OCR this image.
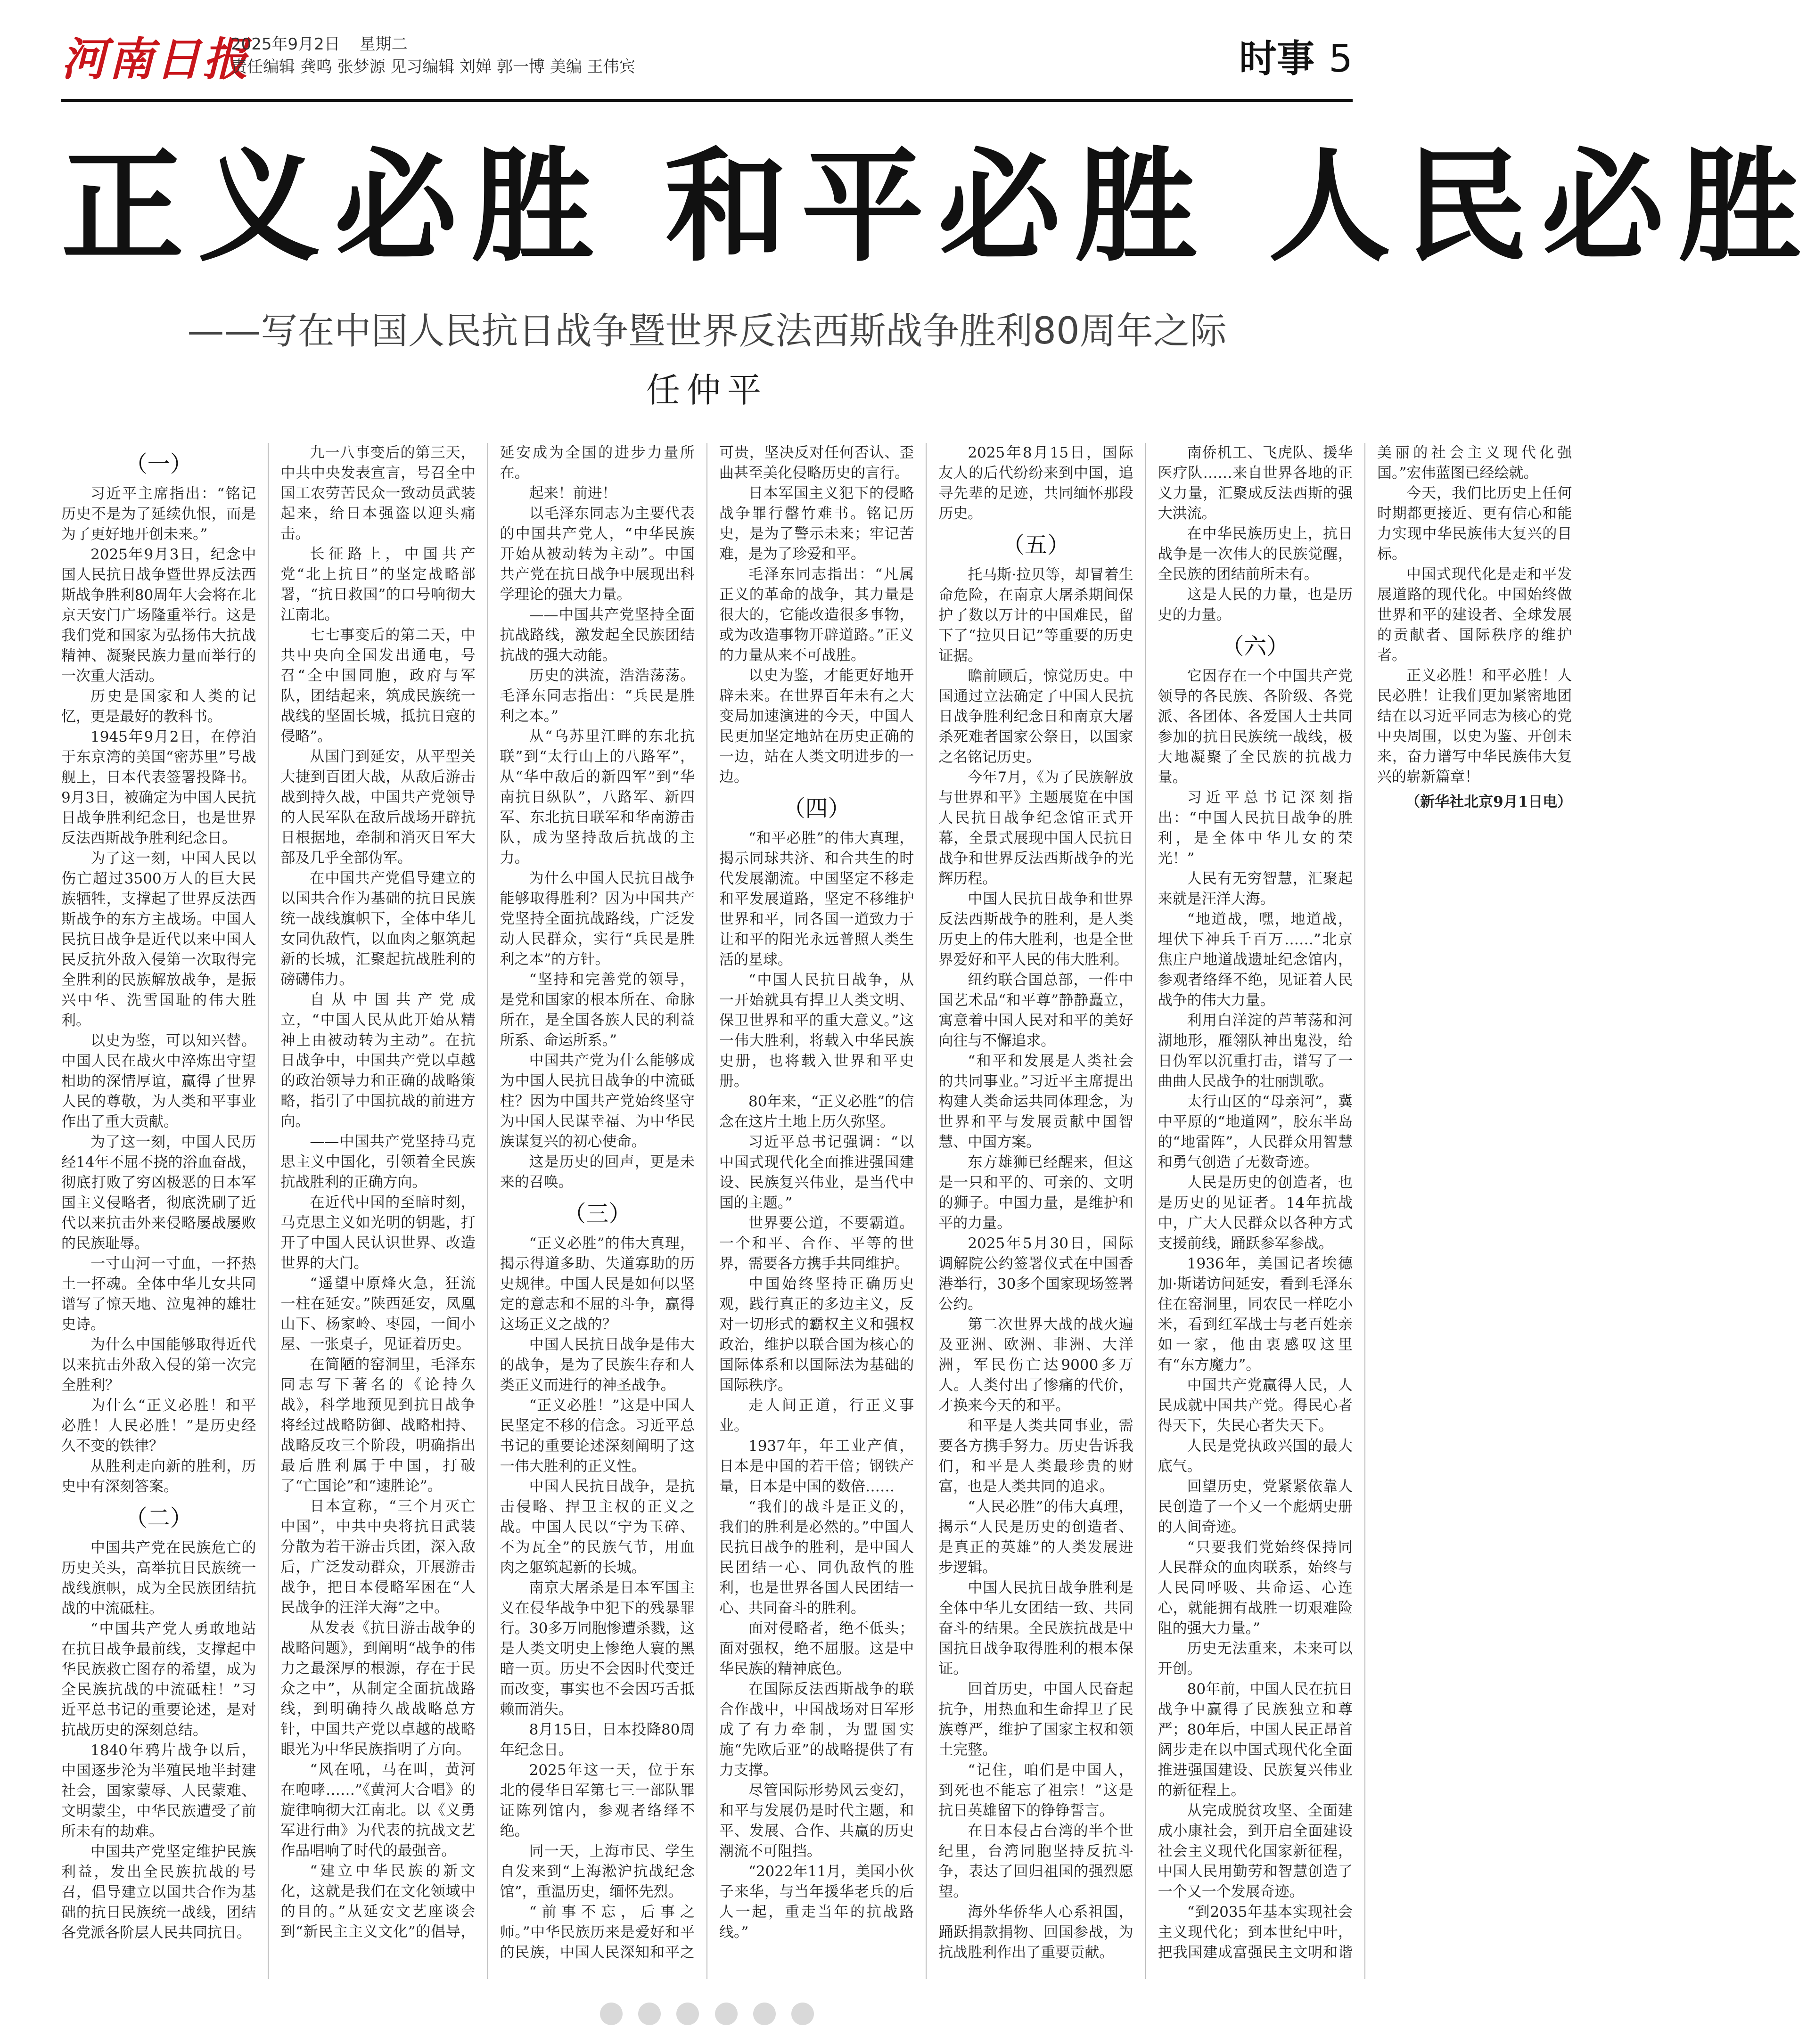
河南日报
2025年9月2日 星期二
责任编辑 龚鸣 张梦源 见习编辑 刘婵 郭一博 美编 王伟宾	时事 5
正义必胜 和平必胜 人民必胜
——写在中国人民抗日战争暨世界反法西斯战争胜利80周年之际
任仲平
（一）

习近平主席指出：“铭记历史不是为了延续仇恨，而是为了更好地开创未来。”

2025年9月3日，纪念中国人民抗日战争暨世界反法西斯战争胜利80周年大会将在北京天安门广场隆重举行。这是我们党和国家为弘扬伟大抗战精神、凝聚民族力量而举行的一次重大活动。

历史是国家和人类的记忆，更是最好的教科书。

1945年9月2日，在停泊于东京湾的美国“密苏里”号战舰上，日本代表签署投降书。9月3日，被确定为中国人民抗日战争胜利纪念日，也是世界反法西斯战争胜利纪念日。

为了这一刻，中国人民以伤亡超过3500万人的巨大民族牺牲，支撑起了世界反法西斯战争的东方主战场。中国人民抗日战争是近代以来中国人民反抗外敌入侵第一次取得完全胜利的民族解放战争，是振兴中华、洗雪国耻的伟大胜利。

以史为鉴，可以知兴替。中国人民在战火中淬炼出守望相助的深情厚谊，赢得了世界人民的尊敬，为人类和平事业作出了重大贡献。

为了这一刻，中国人民历经14年不屈不挠的浴血奋战，彻底打败了穷凶极恶的日本军国主义侵略者，彻底洗刷了近代以来抗击外来侵略屡战屡败的民族耻辱。

一寸山河一寸血，一抔热土一抔魂。全体中华儿女共同谱写了惊天地、泣鬼神的雄壮史诗。

为什么中国能够取得近代以来抗击外敌入侵的第一次完全胜利？

为什么“正义必胜！和平必胜！人民必胜！”是历史经久不变的铁律？

从胜利走向新的胜利，历史中有深刻答案。

（二）

中国共产党在民族危亡的历史关头，高举抗日民族统一战线旗帜，成为全民族团结抗战的中流砥柱。

“中国共产党人勇敢地站在抗日战争最前线，支撑起中华民族救亡图存的希望，成为全民族抗战的中流砥柱！”习近平总书记的重要论述，是对抗战历史的深刻总结。

1840年鸦片战争以后，中国逐步沦为半殖民地半封建社会，国家蒙辱、人民蒙难、文明蒙尘，中华民族遭受了前所未有的劫难。

中国共产党坚定维护民族利益，发出全民族抗战的号召，倡导建立以国共合作为基础的抗日民族统一战线，团结各党派各阶层人民共同抗日。

九一八事变后的第三天，中共中央发表宣言，号召全中国工农劳苦民众一致动员武装起来，给日本强盗以迎头痛击。

长征路上，中国共产党“北上抗日”的坚定战略部署，“抗日救国”的口号响彻大江南北。

七七事变后的第二天，中共中央向全国发出通电，号召“全中国同胞，政府与军队，团结起来，筑成民族统一战线的坚固长城，抵抗日寇的侵略”。

从国门到延安，从平型关大捷到百团大战，从敌后游击战到持久战，中国共产党领导的人民军队在敌后战场开辟抗日根据地，牵制和消灭日军大部及几乎全部伪军。

在中国共产党倡导建立的以国共合作为基础的抗日民族统一战线旗帜下，全体中华儿女同仇敌忾，以血肉之躯筑起新的长城，汇聚起抗战胜利的磅礴伟力。

自从中国共产党成立，“中国人民从此开始从精神上由被动转为主动”。在抗日战争中，中国共产党以卓越的政治领导力和正确的战略策略，指引了中国抗战的前进方向。

——中国共产党坚持马克思主义中国化，引领着全民族抗战胜利的正确方向。

在近代中国的至暗时刻，马克思主义如光明的钥匙，打开了中国人民认识世界、改造世界的大门。

“遥望中原烽火急，狂流一柱在延安。”陕西延安，凤凰山下、杨家岭、枣园，一间小屋、一张桌子，见证着历史。

在简陋的窑洞里，毛泽东同志写下著名的《论持久战》，科学地预见到抗日战争将经过战略防御、战略相持、战略反攻三个阶段，明确指出最后胜利属于中国，打破了“亡国论”和“速胜论”。

日本宣称，“三个月灭亡中国”，中共中央将抗日武装分散为若干游击兵团，深入敌后，广泛发动群众，开展游击战争，把日本侵略军困在“人民战争的汪洋大海”之中。

从发表《抗日游击战争的战略问题》，到阐明“战争的伟力之最深厚的根源，存在于民众之中”，从制定全面抗战路线，到明确持久战战略总方针，中国共产党以卓越的战略眼光为中华民族指明了方向。

“风在吼，马在叫，黄河在咆哮……”《黄河大合唱》的旋律响彻大江南北。以《义勇军进行曲》为代表的抗战文艺作品唱响了时代的最强音。

“建立中华民族的新文化，这就是我们在文化领域中的目的。”从延安文艺座谈会到“新民主主义文化”的倡导，延安成为全国的进步力量所在。

起来！前进！

以毛泽东同志为主要代表的中国共产党人，“中华民族开始从被动转为主动”。中国共产党在抗日战争中展现出科学理论的强大力量。

——中国共产党坚持全面抗战路线，激发起全民族团结抗战的强大动能。

历史的洪流，浩浩荡荡。毛泽东同志指出：“兵民是胜利之本。”

从“乌苏里江畔的东北抗联”到“太行山上的八路军”，从“华中敌后的新四军”到“华南抗日纵队”，八路军、新四军、东北抗日联军和华南游击队，成为坚持敌后抗战的主力。

为什么中国人民抗日战争能够取得胜利？因为中国共产党坚持全面抗战路线，广泛发动人民群众，实行“兵民是胜利之本”的方针。

“坚持和完善党的领导，是党和国家的根本所在、命脉所在，是全国各族人民的利益所系、命运所系。”

中国共产党为什么能够成为中国人民抗日战争的中流砥柱？因为中国共产党始终坚守为中国人民谋幸福、为中华民族谋复兴的初心使命。

这是历史的回声，更是未来的召唤。

（三）

“正义必胜”的伟大真理，揭示得道多助、失道寡助的历史规律。中国人民是如何以坚定的意志和不屈的斗争，赢得这场正义之战的？

中国人民抗日战争是伟大的战争，是为了民族生存和人类正义而进行的神圣战争。

“正义必胜！”这是中国人民坚定不移的信念。习近平总书记的重要论述深刻阐明了这一伟大胜利的正义性。

中国人民抗日战争，是抗击侵略、捍卫主权的正义之战。中国人民以“宁为玉碎、不为瓦全”的民族气节，用血肉之躯筑起新的长城。

南京大屠杀是日本军国主义在侵华战争中犯下的残暴罪行。30多万同胞惨遭杀戮，这是人类文明史上惨绝人寰的黑暗一页。历史不会因时代变迁而改变，事实也不会因巧舌抵赖而消失。

8月15日，日本投降80周年纪念日。

2025年这一天，位于东北的侵华日军第七三一部队罪证陈列馆内，参观者络绎不绝。

同一天，上海市民、学生自发来到“上海淞沪抗战纪念馆”，重温历史，缅怀先烈。

“前事不忘，后事之师。”中华民族历来是爱好和平的民族，中国人民深知和平之可贵，坚决反对任何否认、歪曲甚至美化侵略历史的言行。

日本军国主义犯下的侵略战争罪行罄竹难书。铭记历史，是为了警示未来；牢记苦难，是为了珍爱和平。

毛泽东同志指出：“凡属正义的革命的战争，其力量是很大的，它能改造很多事物，或为改造事物开辟道路。”正义的力量从来不可战胜。

以史为鉴，才能更好地开辟未来。在世界百年未有之大变局加速演进的今天，中国人民更加坚定地站在历史正确的一边，站在人类文明进步的一边。

（四）

“和平必胜”的伟大真理，揭示同球共济、和合共生的时代发展潮流。中国坚定不移走和平发展道路，坚定不移维护世界和平，同各国一道致力于让和平的阳光永远普照人类生活的星球。

“中国人民抗日战争，从一开始就具有捍卫人类文明、保卫世界和平的重大意义。”这一伟大胜利，将载入中华民族史册，也将载入世界和平史册。

80年来，“正义必胜”的信念在这片土地上历久弥坚。

习近平总书记强调：“以中国式现代化全面推进强国建设、民族复兴伟业，是当代中国的主题。”

世界要公道，不要霸道。一个和平、合作、平等的世界，需要各方携手共同维护。

中国始终坚持正确历史观，践行真正的多边主义，反对一切形式的霸权主义和强权政治，维护以联合国为核心的国际体系和以国际法为基础的国际秩序。

走人间正道，行正义事业。

1937年，年工业产值，日本是中国的若干倍；钢铁产量，日本是中国的数倍……

“我们的战斗是正义的，我们的胜利是必然的。”中国人民抗日战争的胜利，是中国人民团结一心、同仇敌忾的胜利，也是世界各国人民团结一心、共同奋斗的胜利。

面对侵略者，绝不低头；面对强权，绝不屈服。这是中华民族的精神底色。

在国际反法西斯战争的联合作战中，中国战场对日军形成了有力牵制，为盟国实施“先欧后亚”的战略提供了有力支撑。

尽管国际形势风云变幻，和平与发展仍是时代主题，和平、发展、合作、共赢的历史潮流不可阻挡。

“2022年11月，美国小伙子来华，与当年援华老兵的后人一起，重走当年的抗战路线。”

2025年8月15日，国际友人的后代纷纷来到中国，追寻先辈的足迹，共同缅怀那段历史。

（五）

托马斯·拉贝等，却冒着生命危险，在南京大屠杀期间保护了数以万计的中国难民，留下了“拉贝日记”等重要的历史证据。

瞻前顾后，惊觉历史。中国通过立法确定了中国人民抗日战争胜利纪念日和南京大屠杀死难者国家公祭日，以国家之名铭记历史。

今年7月，《为了民族解放与世界和平》主题展览在中国人民抗日战争纪念馆正式开幕，全景式展现中国人民抗日战争和世界反法西斯战争的光辉历程。

中国人民抗日战争和世界反法西斯战争的胜利，是人类历史上的伟大胜利，也是全世界爱好和平人民的伟大胜利。

纽约联合国总部，一件中国艺术品“和平尊”静静矗立，寓意着中国人民对和平的美好向往与不懈追求。

“和平和发展是人类社会的共同事业。”习近平主席提出构建人类命运共同体理念，为世界和平与发展贡献中国智慧、中国方案。

东方雄狮已经醒来，但这是一只和平的、可亲的、文明的狮子。中国力量，是维护和平的力量。

2025年5月30日，国际调解院公约签署仪式在中国香港举行，30多个国家现场签署公约。

第二次世界大战的战火遍及亚洲、欧洲、非洲、大洋洲，军民伤亡达9000多万人。人类付出了惨痛的代价，才换来今天的和平。

和平是人类共同事业，需要各方携手努力。历史告诉我们，和平是人类最珍贵的财富，也是人类共同的追求。

“人民必胜”的伟大真理，揭示“人民是历史的创造者、是真正的英雄”的人类发展进步逻辑。

中国人民抗日战争胜利是全体中华儿女团结一致、共同奋斗的结果。全民族抗战是中国抗日战争取得胜利的根本保证。

回首历史，中国人民奋起抗争，用热血和生命捍卫了民族尊严，维护了国家主权和领土完整。

“记住，咱们是中国人，到死也不能忘了祖宗！”这是抗日英雄留下的铮铮誓言。

在日本侵占台湾的半个世纪里，台湾同胞坚持反抗斗争，表达了回归祖国的强烈愿望。

海外华侨华人心系祖国，踊跃捐款捐物、回国参战，为抗战胜利作出了重要贡献。

南侨机工、飞虎队、援华医疗队……来自世界各地的正义力量，汇聚成反法西斯的强大洪流。

在中华民族历史上，抗日战争是一次伟大的民族觉醒，全民族的团结前所未有。

这是人民的力量，也是历史的力量。

（六）

它因存在一个中国共产党领导的各民族、各阶级、各党派、各团体、各爱国人士共同参加的抗日民族统一战线，极大地凝聚了全民族的抗战力量。

习近平总书记深刻指出：“中国人民抗日战争的胜利，是全体中华儿女的荣光！”

人民有无穷智慧，汇聚起来就是汪洋大海。

“地道战，嘿，地道战，埋伏下神兵千百万……”北京焦庄户地道战遗址纪念馆内，参观者络绎不绝，见证着人民战争的伟大力量。

利用白洋淀的芦苇荡和河湖地形，雁翎队神出鬼没，给日伪军以沉重打击，谱写了一曲曲人民战争的壮丽凯歌。

太行山区的“母亲河”，冀中平原的“地道网”，胶东半岛的“地雷阵”，人民群众用智慧和勇气创造了无数奇迹。

人民是历史的创造者，也是历史的见证者。14年抗战中，广大人民群众以各种方式支援前线，踊跃参军参战。

1936年，美国记者埃德加·斯诺访问延安，看到毛泽东住在窑洞里，同农民一样吃小米，看到红军战士与老百姓亲如一家，他由衷感叹这里有“东方魔力”。

中国共产党赢得人民，人民成就中国共产党。得民心者得天下，失民心者失天下。

人民是党执政兴国的最大底气。

回望历史，党紧紧依靠人民创造了一个又一个彪炳史册的人间奇迹。

“只要我们党始终保持同人民群众的血肉联系，始终与人民同呼吸、共命运、心连心，就能拥有战胜一切艰难险阻的强大力量。”

历史无法重来，未来可以开创。

80年前，中国人民在抗日战争中赢得了民族独立和尊严；80年后，中国人民正昂首阔步走在以中国式现代化全面推进强国建设、民族复兴伟业的新征程上。

从完成脱贫攻坚、全面建成小康社会，到开启全面建设社会主义现代化国家新征程，中国人民用勤劳和智慧创造了一个又一个发展奇迹。

“到2035年基本实现社会主义现代化；到本世纪中叶，把我国建成富强民主文明和谐美丽的社会主义现代化强国。”宏伟蓝图已经绘就。

今天，我们比历史上任何时期都更接近、更有信心和能力实现中华民族伟大复兴的目标。

中国式现代化是走和平发展道路的现代化。中国始终做世界和平的建设者、全球发展的贡献者、国际秩序的维护者。

正义必胜！和平必胜！人民必胜！让我们更加紧密地团结在以习近平同志为核心的党中央周围，以史为鉴、开创未来，奋力谱写中华民族伟大复兴的崭新篇章！

（新华社北京9月1日电）
